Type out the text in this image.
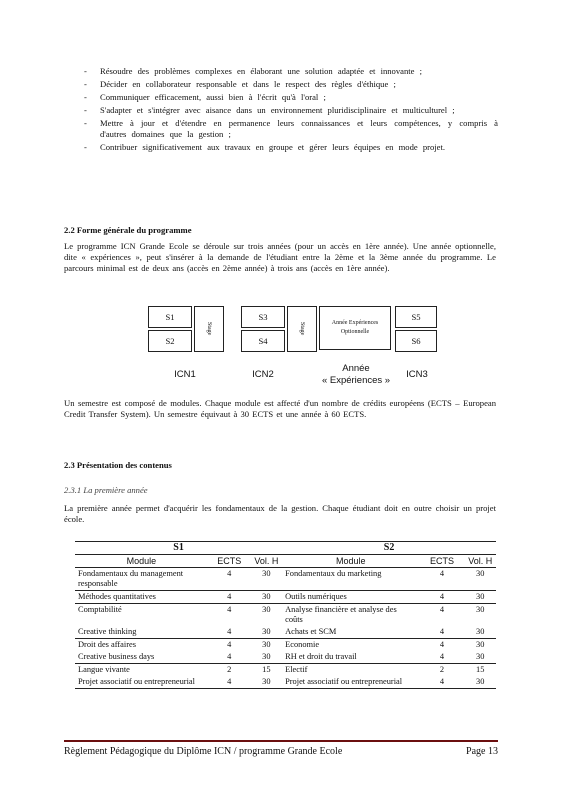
- Résoudre des problèmes complexes en élaborant une solution adaptée et innovante ;
- Décider en collaborateur responsable et dans le respect des règles d'éthique ;
- Communiquer efficacement, aussi bien à l'écrit qu'à l'oral ;
- S'adapter et s'intégrer avec aisance dans un environnement pluridisciplinaire et multiculturel ;
- Mettre à jour et d'étendre en permanence leurs connaissances et leurs compétences, y compris à d'autres domaines que la gestion ;
- Contribuer significativement aux travaux en groupe et gérer leurs équipes en mode projet.
2.2 Forme générale du programme
Le programme ICN Grande Ecole se déroule sur trois années (pour un accès en 1ère année). Une année optionnelle, dite « expériences », peut s'insérer à la demande de l'étudiant entre la 2ème et la 3ème année du programme. Le parcours minimal est de deux ans (accès en 2ème année) à trois ans (accès en 1ère année).
S1
S2
Stage
S3
S4
Stage	Année Expériences Optionnelle
S5
S6
ICN1	ICN2
Année
« Expériences »
ICN3
Un semestre est composé de modules. Chaque module est affecté d'un nombre de crédits européens (ECTS – European Credit Transfer System). Un semestre équivaut à 30 ECTS et une année à 60 ECTS.
2.3 Présentation des contenus
2.3.1 La première année
La première année permet d'acquérir les fondamentaux de la gestion. Chaque étudiant doit en outre choisir un projet école.
S1			S2		
Module	ECTS	Vol. H	Module	ECTS	Vol. H
Fondamentaux du management responsable	4	30	Fondamentaux du marketing	4	30
Méthodes quantitatives	4	30	Outils numériques	4	30
Comptabilité	4	30	Analyse financière et analyse des coûts	4	30
Creative thinking	4	30	Achats et SCM	4	30
Droit des affaires	4	30	Economie	4	30
Creative business days	4	30	RH et droit du travail	4	30
Langue vivante	2	15	Electif	2	15
Projet associatif ou entrepreneurial	4	30	Projet associatif ou entrepreneurial	4	30

Règlement Pédagogique du Diplôme ICN / programme Grande Ecole	Page 13
